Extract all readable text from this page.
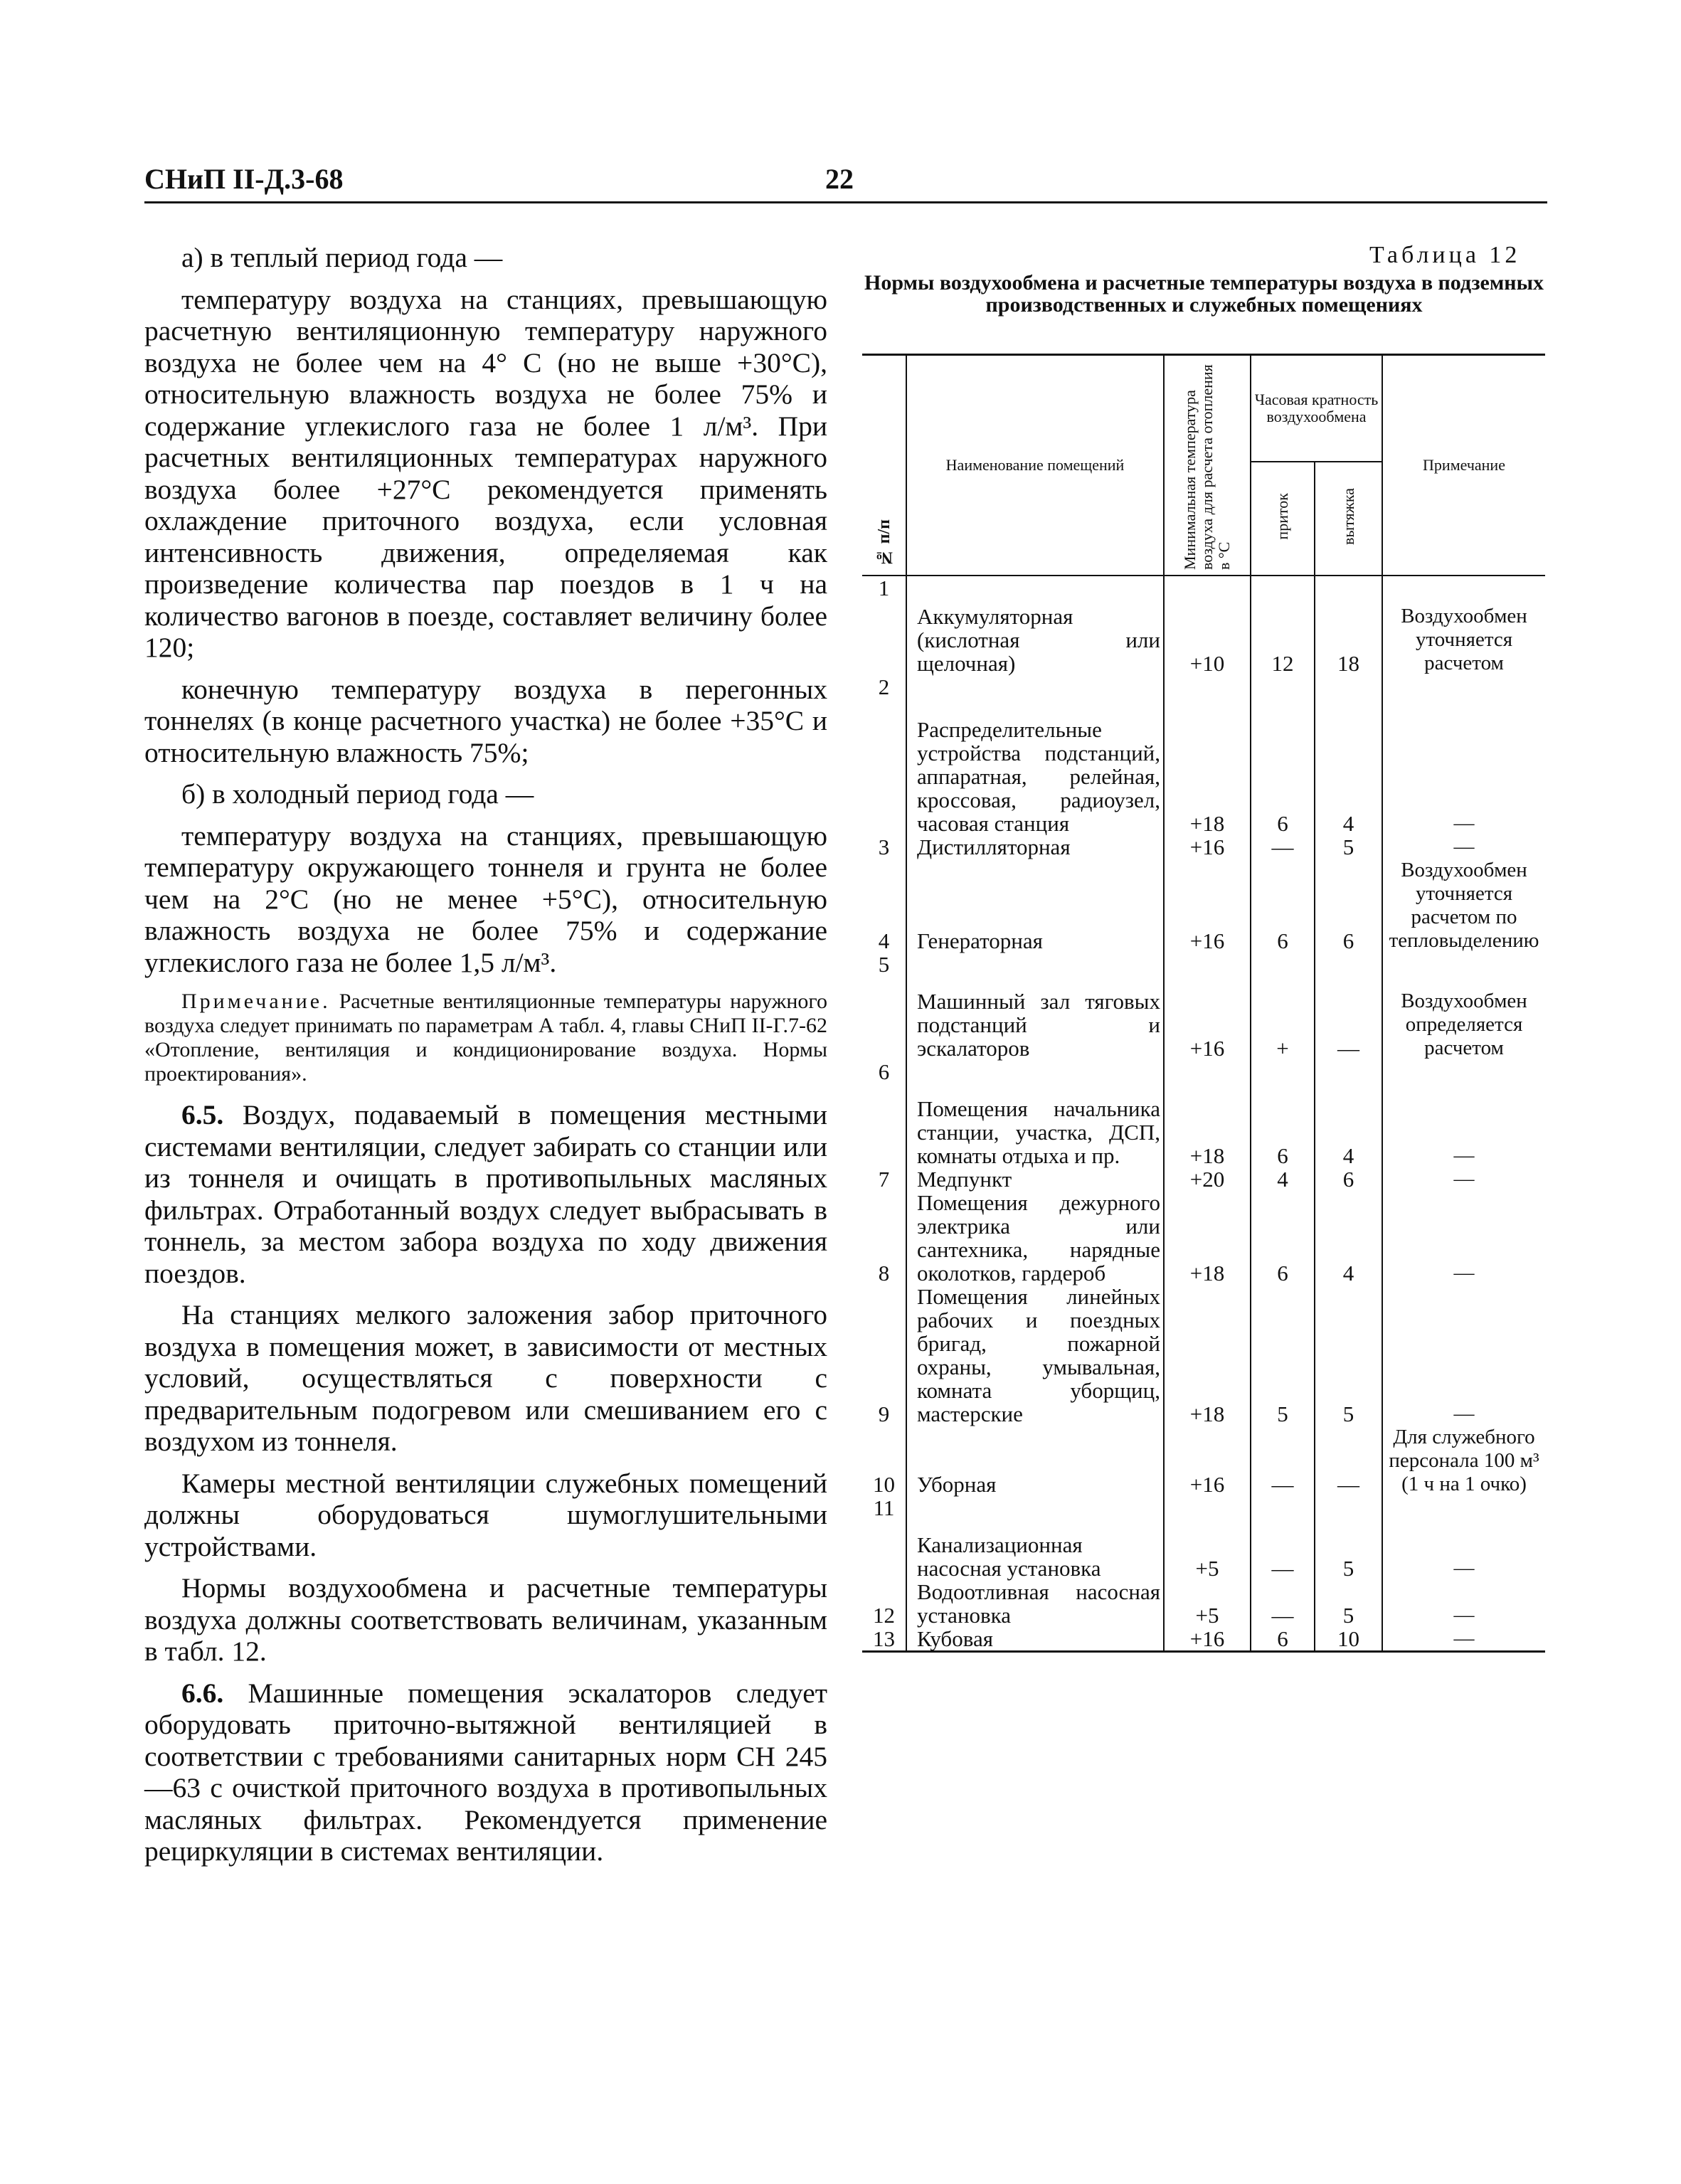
СНиП II-Д.3-68	22

а) в теплый период года —

температуру воздуха на станциях, превышающую расчетную вентиляционную температуру наружного воздуха не более чем на 4° С (но не выше +30°С), относительную влажность воздуха не более 75% и содержание углекислого газа не более 1 л/м³. При расчетных вентиляционных температурах наружного воздуха более +27°С рекомендуется применять охлаждение приточного воздуха, если условная интенсивность движения, определяемая как произведение количества пар поездов в 1 ч на количество вагонов в поезде, составляет величину более 120;

конечную температуру воздуха в перегонных тоннелях (в конце расчетного участка) не более +35°С и относительную влажность 75%;

б) в холодный период года —

температуру воздуха на станциях, превышающую температуру окружающего тоннеля и грунта не более чем на 2°С (но не менее +5°С), относительную влажность воздуха не более 75% и содержание углекислого газа не более 1,5 л/м³.

Примечание. Расчетные вентиляционные температуры наружного воздуха следует принимать по параметрам А табл. 4, главы СНиП II-Г.7-62 «Отопление, вентиляция и кондиционирование воздуха. Нормы проектирования».

6.5. Воздух, подаваемый в помещения местными системами вентиляции, следует забирать со станции или из тоннеля и очищать в противопыльных масляных фильтрах. Отработанный воздух следует выбрасывать в тоннель, за местом забора воздуха по ходу движения поездов.

На станциях мелкого заложения забор приточного воздуха в помещения может, в зависимости от местных условий, осуществляться с поверхности с предварительным подогревом или смешиванием его с воздухом из тоннеля.

Камеры местной вентиляции служебных помещений должны оборудоваться шумоглушительными устройствами.

Нормы воздухообмена и расчетные температуры воздуха должны соответствовать величинам, указанным в табл. 12.

6.6. Машинные помещения эскалаторов следует оборудовать приточно-вытяжной вентиляцией в соответствии с требованиями санитарных норм СН 245—63 с очисткой приточного воздуха в противопыльных масляных фильтрах. Рекомендуется применение рециркуляции в системах вентиляции.

Таблица 12
Нормы воздухообмена и расчетные температуры воздуха в подземных производственных и служебных помещениях
№ п/п	Наименование помещений	Минимальная температура воздуха для расчета отопления в °С	Часовая кратность воздухообмена		Примечание
			приток	вытяжка	
1	Аккумуляторная (кислотная или щелочная)	+10	12	18	Воздухообмен уточняется расчетом
2	Распределительные устройства подстанций, аппаратная, релейная, кроссовая, радиоузел, часовая станция	+18	6	4	—
3	Дистилляторная	+16	—	5	—
4	Генераторная	+16	6	6	Воздухообмен уточняется расчетом по тепловыделению
5	Машинный зал тяговых подстанций и эскалаторов	+16	+	—	Воздухообмен определяется расчетом
6	Помещения начальника станции, участка, ДСП, комнаты отдыха и пр.	+18	6	4	—
7	Медпункт	+20	4	6	—
8	Помещения дежурного электрика или сантехника, нарядные околотков, гардероб	+18	6	4	—
9	Помещения линейных рабочих и поездных бригад, пожарной охраны, умывальная, комната уборщиц, мастерские	+18	5	5	—
10	Уборная	+16	—	—	Для служебного персонала 100 м³ (1 ч на 1 очко)
11	Канализационная насосная установка	+5	—	5	—
12	Водоотливная насосная установка	+5	—	5	—
13	Кубовая	+16	6	10	—
